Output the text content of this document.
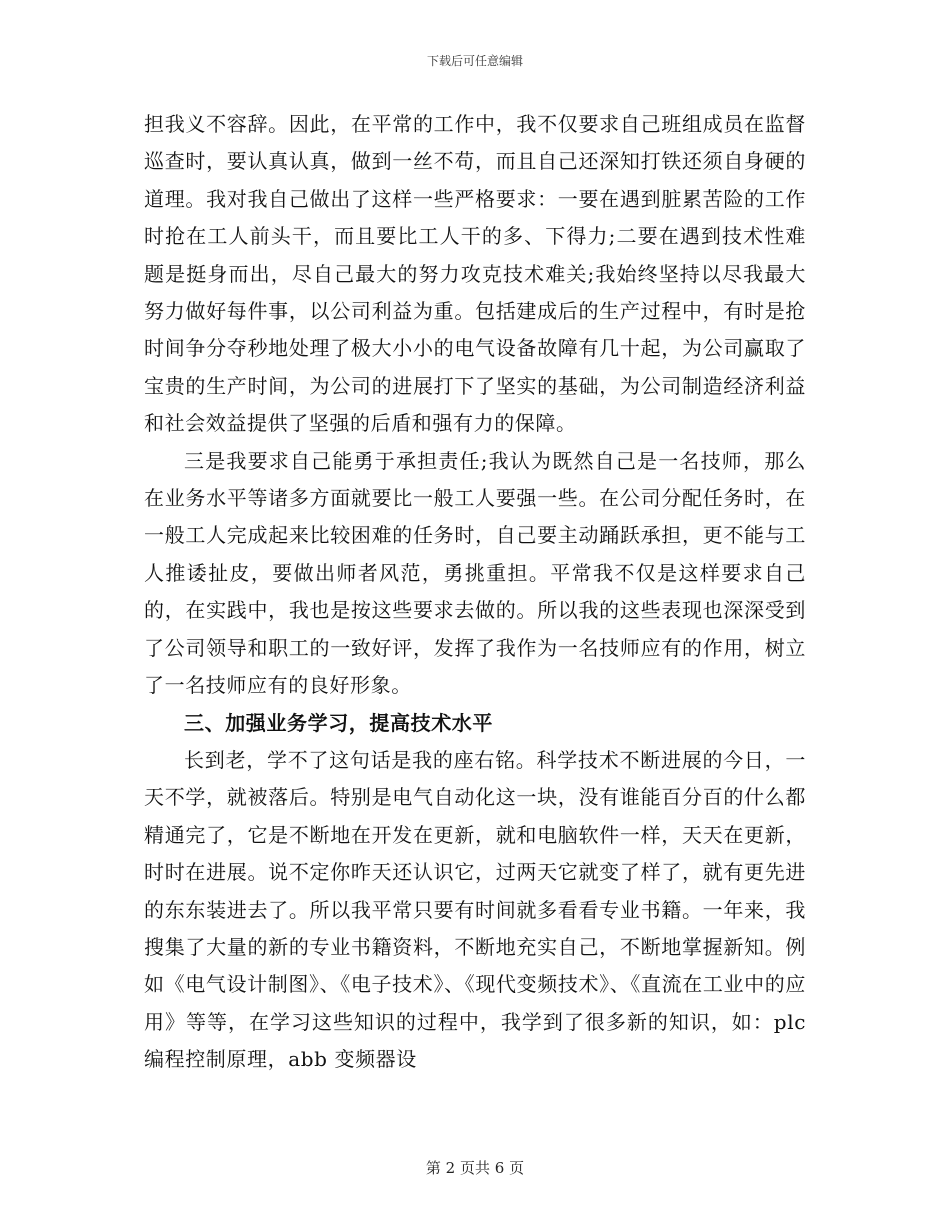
下载后可任意编辑

担我义不容辞。因此，在平常的工作中，我不仅要求自己班组成员在监督巡查时，要认真认真，做到一丝不苟，而且自己还深知打铁还须自身硬的道理。我对我自己做出了这样一些严格要求：一要在遇到脏累苦险的工作时抢在工人前头干，而且要比工人干的多、下得力;二要在遇到技术性难题是挺身而出，尽自己最大的努力攻克技术难关;我始终坚持以尽我最大努力做好每件事，以公司利益为重。包括建成后的生产过程中，有时是抢时间争分夺秒地处理了极大小小的电气设备故障有几十起，为公司赢取了宝贵的生产时间，为公司的进展打下了坚实的基础，为公司制造经济利益和社会效益提供了坚强的后盾和强有力的保障。

三是我要求自己能勇于承担责任;我认为既然自己是一名技师，那么在业务水平等诸多方面就要比一般工人要强一些。在公司分配任务时，在一般工人完成起来比较困难的任务时，自己要主动踊跃承担，更不能与工人推诿扯皮，要做出师者风范，勇挑重担。平常我不仅是这样要求自己的，在实践中，我也是按这些要求去做的。所以我的这些表现也深深受到了公司领导和职工的一致好评，发挥了我作为一名技师应有的作用，树立了一名技师应有的良好形象。

三、加强业务学习，提高技术水平

长到老，学不了这句话是我的座右铭。科学技术不断进展的今日，一天不学，就被落后。特别是电气自动化这一块，没有谁能百分百的什么都精通完了，它是不断地在开发在更新，就和电脑软件一样，天天在更新，时时在进展。说不定你昨天还认识它，过两天它就变了样了，就有更先进的东东装进去了。所以我平常只要有时间就多看看专业书籍。一年来，我搜集了大量的新的专业书籍资料，不断地充实自己，不断地掌握新知。例如《电气设计制图》、《电子技术》、《现代变频技术》、《直流在工业中的应用》等等，在学习这些知识的过程中，我学到了很多新的知识，如：plc 编程控制原理，abb 变频器设

第 2 页共 6 页
